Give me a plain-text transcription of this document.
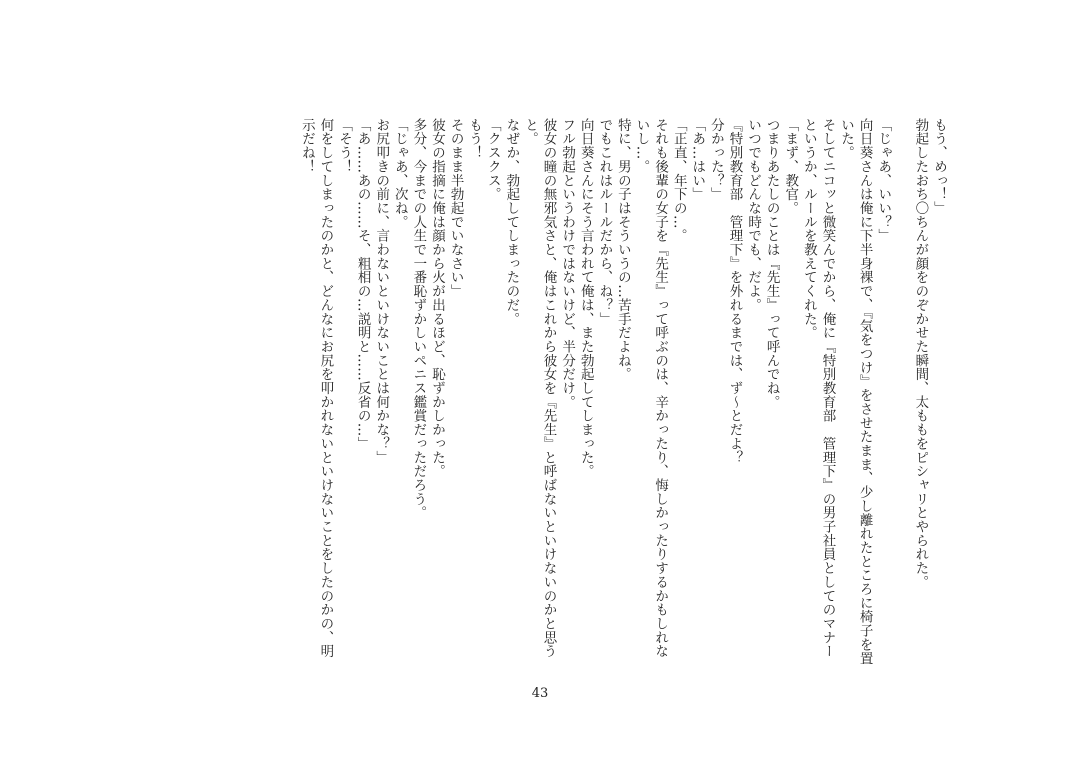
もう、めっ！」

勃起したおち〇ちんが顔をのぞかせた瞬間、太ももをピシャリとやられた。

「じゃあ、いい？」

向日葵さんは俺に下半身裸で、『気をつけ』をさせたまま、少し離れたところに椅子を置

いた。

そしてニコッと微笑んでから、俺に『特別教育部　管理下』の男子社員としてのマナー

というか、ルールを教えてくれた。

「まず、教官。

つまりあたしのことは『先生』って呼んでね。

いつでもどんな時でも、だよ。

『特別教育部　管理下』を外れるまでは、ず～とだよ？

分かった？」

「あ…はい」

「正直、年下の…。

それも後輩の女子を『先生』って呼ぶのは、辛かったり、悔しかったりするかもしれな

いし…。

特に、男の子はそういうの…苦手だよね。

でもこれはルールだから、ね？」

向日葵さんにそう言われて俺は、また勃起してしまった。

フル勃起というわけではないけど、半分だけ。

彼女の瞳の無邪気さと、俺はこれから彼女を『先生』と呼ばないといけないのかと思う

と。

なぜか、勃起してしまったのだ。

「クスクス。

もう！

そのまま半勃起でいなさい」

彼女の指摘に俺は顔から火が出るほど、恥ずかしかった。

多分、今までの人生で一番恥ずかしいペニス鑑賞だっただろう。

「じゃあ、次ね。

お尻叩きの前に、言わないといけないことは何かな？」

「あ……あの……そ、粗相の…説明と……反省の…」

「そう！

何をしてしまったのかと、どんなにお尻を叩かれないといけないことをしたのかの、明

示だね！

43
